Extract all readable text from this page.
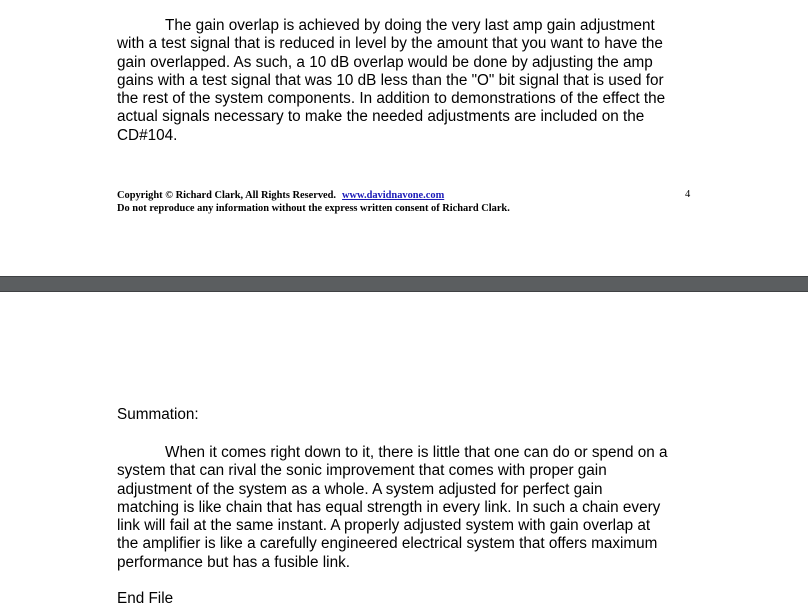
The gain overlap is achieved by doing the very last amp gain adjustment
with a test signal that is reduced in level by the amount that you want to have the
gain overlapped. As such, a 10 dB overlap would be done by adjusting the amp
gains with a test signal that was 10 dB less than the "O" bit signal that is used for
the rest of the system components. In addition to demonstrations of the effect the
actual signals necessary to make the needed adjustments are included on the
CD#104.

Copyright © Richard Clark, All Rights Reserved. www.davidnavone.com
Do not reproduce any information without the express written consent of Richard Clark.

4

Summation:

When it comes right down to it, there is little that one can do or spend on a
system that can rival the sonic improvement that comes with proper gain
adjustment of the system as a whole. A system adjusted for perfect gain
matching is like chain that has equal strength in every link. In such a chain every
link will fail at the same instant. A properly adjusted system with gain overlap at
the amplifier is like a carefully engineered electrical system that offers maximum
performance but has a fusible link.

End File
